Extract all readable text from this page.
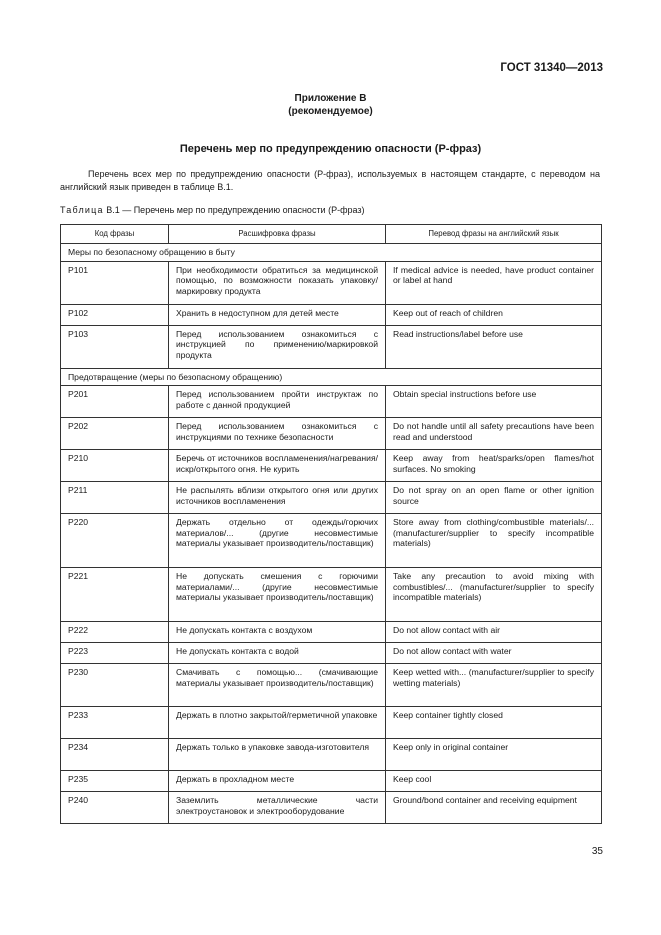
ГОСТ 31340—2013
Приложение В
(рекомендуемое)
Перечень мер по предупреждению опасности (Р-фраз)
Перечень всех мер по предупреждению опасности (Р-фраз), используемых в настоящем стандарте, с переводом на английский язык приведен в таблице В.1.
Таблица В.1 — Перечень мер по предупреждению опасности (Р-фраз)
Код фразы	Расшифровка фразы	Перевод фразы на английский язык
Меры по безопасному обращению в быту		
P101	При необходимости обратиться за медицинской помощью, по возможности показать упаковку/маркировку продукта	If medical advice is needed, have product container or label at hand
P102	Хранить в недоступном для детей месте	Keep out of reach of children
P103	Перед использованием ознакомиться с инструкцией по применению/маркировкой продукта	Read instructions/label before use
Предотвращение (меры по безопасному обращению)		
P201	Перед использованием пройти инструктаж по работе с данной продукцией	Obtain special instructions before use
P202	Перед использованием ознакомиться с инструкциями по технике безопасности	Do not handle until all safety precautions have been read and understood
P210	Беречь от источников воспламенения/нагревания/искр/открытого огня. Не курить	Keep away from heat/sparks/open flames/hot surfaces. No smoking
P211	Не распылять вблизи открытого огня или других источников воспламенения	Do not spray on an open flame or other ignition source
P220	Держать отдельно от одежды/горючих материалов/... (другие несовместимые материалы указывает производитель/поставщик)	Store away from clothing/combustible materials/... (manufacturer/supplier to specify incompatible materials)
P221	Не допускать смешения с горючими материалами/... (другие несовместимые материалы указывает производитель/поставщик)	Take any precaution to avoid mixing with combustibles/... (manufacturer/supplier to specify incompatible materials)
P222	Не допускать контакта с воздухом	Do not allow contact with air
P223	Не допускать контакта с водой	Do not allow contact with water
P230	Смачивать с помощью... (смачивающие материалы указывает производитель/поставщик)	Keep wetted with... (manufacturer/supplier to specify wetting materials)
P233	Держать в плотно закрытой/герметичной упаковке	Keep container tightly closed
P234	Держать только в упаковке завода-изготовителя	Keep only in original container
P235	Держать в прохладном месте	Keep cool
P240	Заземлить металлические части электроустановок и электрооборудование	Ground/bond container and receiving equipment
35
